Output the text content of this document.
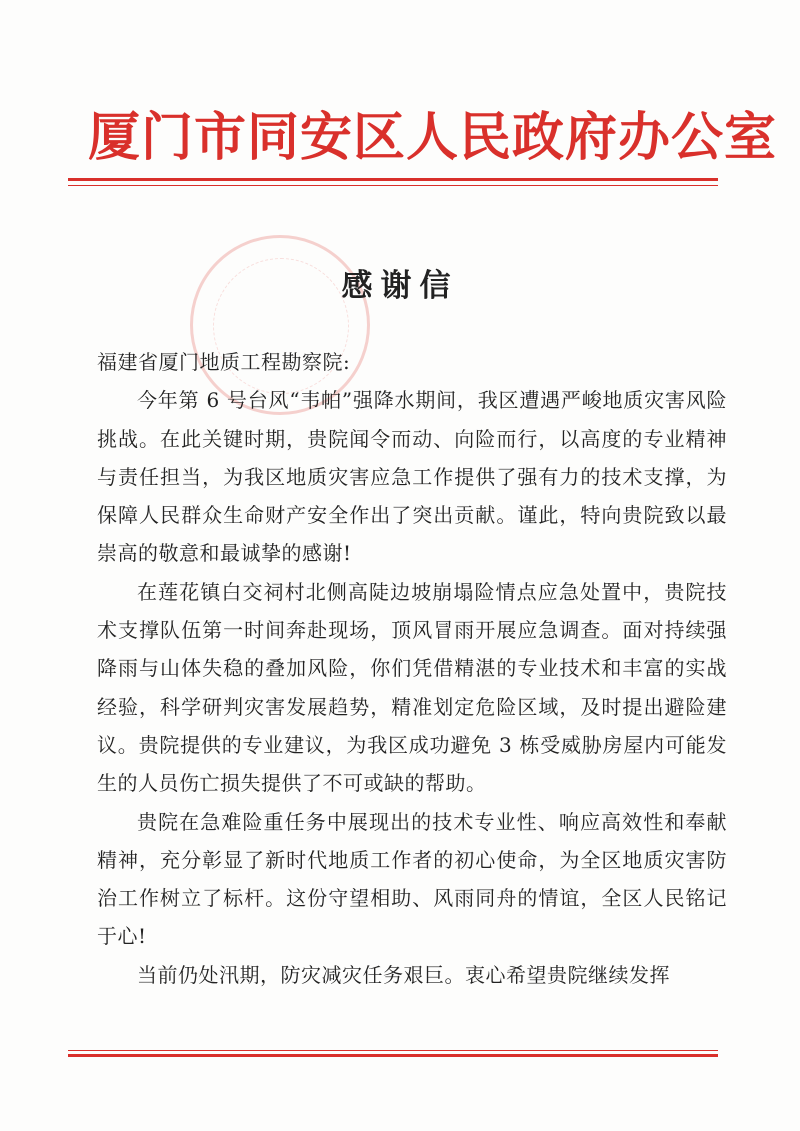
厦门市同安区人民政府办公室
感谢信

福建省厦门地质工程勘察院:

今年第 6 号台风“韦帕”强降水期间，我区遭遇严峻地质灾害风险挑战。在此关键时期，贵院闻令而动、向险而行，以高度的专业精神与责任担当，为我区地质灾害应急工作提供了强有力的技术支撑，为保障人民群众生命财产安全作出了突出贡献。谨此，特向贵院致以最崇高的敬意和最诚挚的感谢!

在莲花镇白交祠村北侧高陡边坡崩塌险情点应急处置中，贵院技术支撑队伍第一时间奔赴现场，顶风冒雨开展应急调查。面对持续强降雨与山体失稳的叠加风险，你们凭借精湛的专业技术和丰富的实战经验，科学研判灾害发展趋势，精准划定危险区域，及时提出避险建议。贵院提供的专业建议，为我区成功避免 3 栋受威胁房屋内可能发生的人员伤亡损失提供了不可或缺的帮助。

贵院在急难险重任务中展现出的技术专业性、响应高效性和奉献精神，充分彰显了新时代地质工作者的初心使命，为全区地质灾害防治工作树立了标杆。这份守望相助、风雨同舟的情谊，全区人民铭记于心!

当前仍处汛期，防灾减灾任务艰巨。衷心希望贵院继续发挥
